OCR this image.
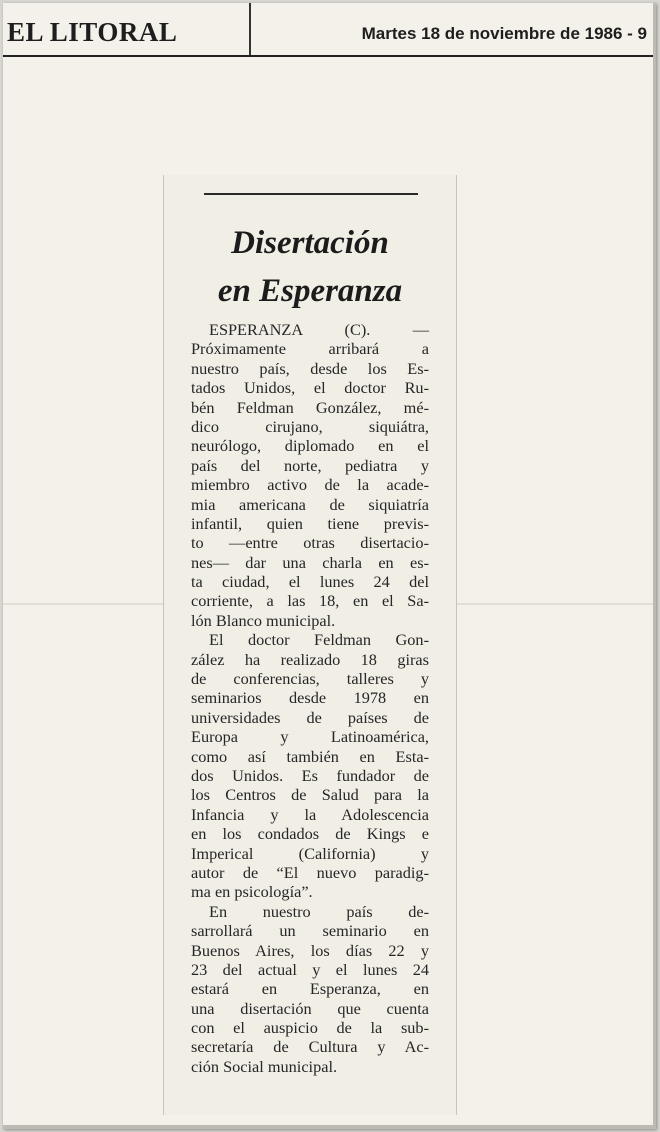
EL LITORAL	Martes 18 de noviembre de 1986 - 9
Disertación
en Esperanza
ESPERANZA (C). —
Próximamente arribará a
nuestro país, desde los Es-
tados Unidos, el doctor Ru-
bén Feldman González, mé-
dico cirujano, siquiátra,
neurólogo, diplomado en el
país del norte, pediatra y
miembro activo de la acade-
mia americana de siquiatría
infantil, quien tiene previs-
to —entre otras disertacio-
nes— dar una charla en es-
ta ciudad, el lunes 24 del
corriente, a las 18, en el Sa-
lón Blanco municipal.
El doctor Feldman Gon-
zález ha realizado 18 giras
de conferencias, talleres y
seminarios desde 1978 en
universidades de países de
Europa y Latinoamérica,
como así también en Esta-
dos Unidos. Es fundador de
los Centros de Salud para la
Infancia y la Adolescencia
en los condados de Kings e
Imperical (California) y
autor de “El nuevo paradig-
ma en psicología”.
En nuestro país de-
sarrollará un seminario en
Buenos Aires, los días 22 y
23 del actual y el lunes 24
estará en Esperanza, en
una disertación que cuenta
con el auspicio de la sub-
secretaría de Cultura y Ac-
ción Social municipal.
